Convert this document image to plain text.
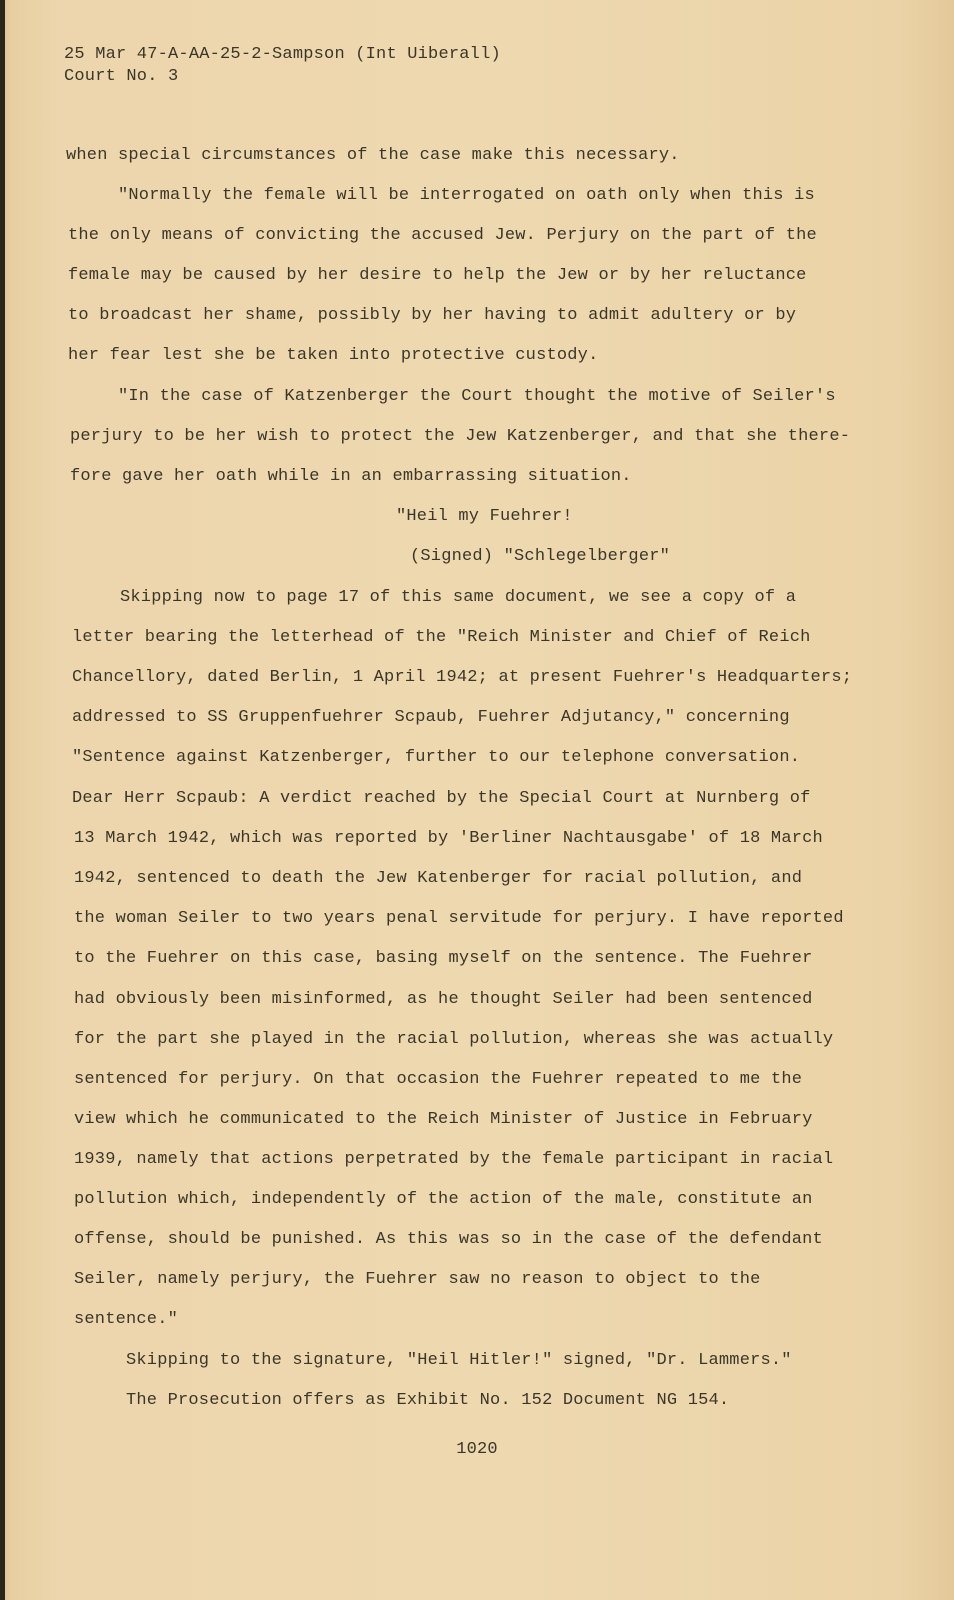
25 Mar 47-A-AA-25-2-Sampson (Int Uiberall)
Court No. 3
when special circumstances of the case make this necessary.
"Normally the female will be interrogated on oath only when this is
the only means of convicting the accused Jew. Perjury on the part of the
female may be caused by her desire to help the Jew or by her reluctance
to broadcast her shame, possibly by her having to admit adultery or by
her fear lest she be taken into protective custody.
"In the case of Katzenberger the Court thought the motive of Seiler's
perjury to be her wish to protect the Jew Katzenberger, and that she there-
fore gave her oath while in an embarrassing situation.
"Heil my Fuehrer!
(Signed) "Schlegelberger"
Skipping now to page 17 of this same document, we see a copy of a
letter bearing the letterhead of the "Reich Minister and Chief of Reich
Chancellory, dated Berlin, 1 April 1942; at present Fuehrer's Headquarters;
addressed to SS Gruppenfuehrer Scpaub, Fuehrer Adjutancy," concerning
"Sentence against Katzenberger, further to our telephone conversation.
Dear Herr Scpaub: A verdict reached by the Special Court at Nurnberg of
13 March 1942, which was reported by 'Berliner Nachtausgabe' of 18 March
1942, sentenced to death the Jew Katenberger for racial pollution, and
the woman Seiler to two years penal servitude for perjury. I have reported
to the Fuehrer on this case, basing myself on the sentence. The Fuehrer
had obviously been misinformed, as he thought Seiler had been sentenced
for the part she played in the racial pollution, whereas she was actually
sentenced for perjury. On that occasion the Fuehrer repeated to me the
view which he communicated to the Reich Minister of Justice in February
1939, namely that actions perpetrated by the female participant in racial
pollution which, independently of the action of the male, constitute an
offense, should be punished. As this was so in the case of the defendant
Seiler, namely perjury, the Fuehrer saw no reason to object to the
sentence."
Skipping to the signature, "Heil Hitler!" signed, "Dr. Lammers."
The Prosecution offers as Exhibit No. 152 Document NG 154.
1020
